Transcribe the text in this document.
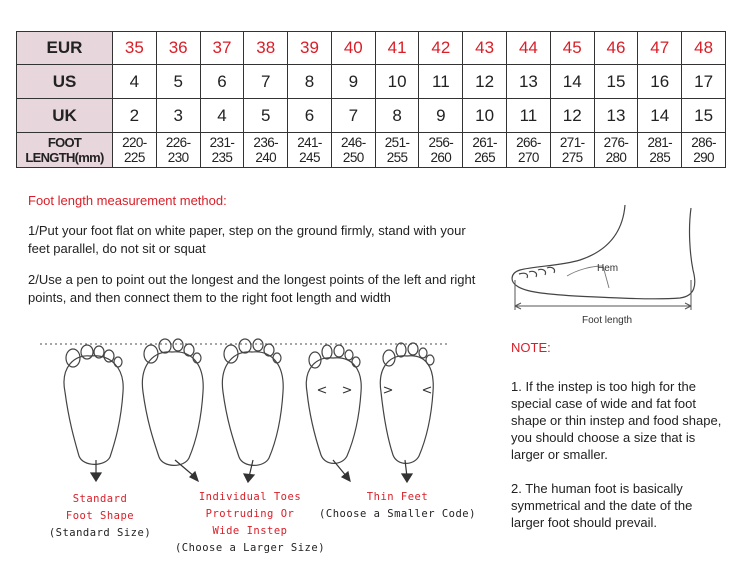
EUR	35	36	37	38	39	40	41	42	43	44	45	46	47	48
US	4	5	6	7	8	9	10	11	12	13	14	15	16	17
UK	2	3	4	5	6	7	8	9	10	11	12	13	14	15
FOOT LENGTH(mm)	220-225	226-230	231-235	236-240	241-245	246-250	251-255	256-260	261-265	266-270	271-275	276-280	281-285	286-290
Foot length measurement method:
1/Put your foot flat on white paper, step on the ground firmly, stand with your feet parallel, do not sit or squat
2/Use a pen to point out the longest and the longest points of the left and right points, and then connect them to the right foot length and width
Hem
Foot length
NOTE:
1. If the instep is too high for the special case of wide and fat foot shape or thin instep and food shape, you should choose a size that is larger or smaller.
2. The human foot is basically symmetrical and the date of the larger foot should prevail.
Standard
Foot Shape
(Standard Size)
Individual Toes
Protruding Or
Wide Instep
(Choose a Larger Size)
Thin Feet
(Choose a Smaller Code)
